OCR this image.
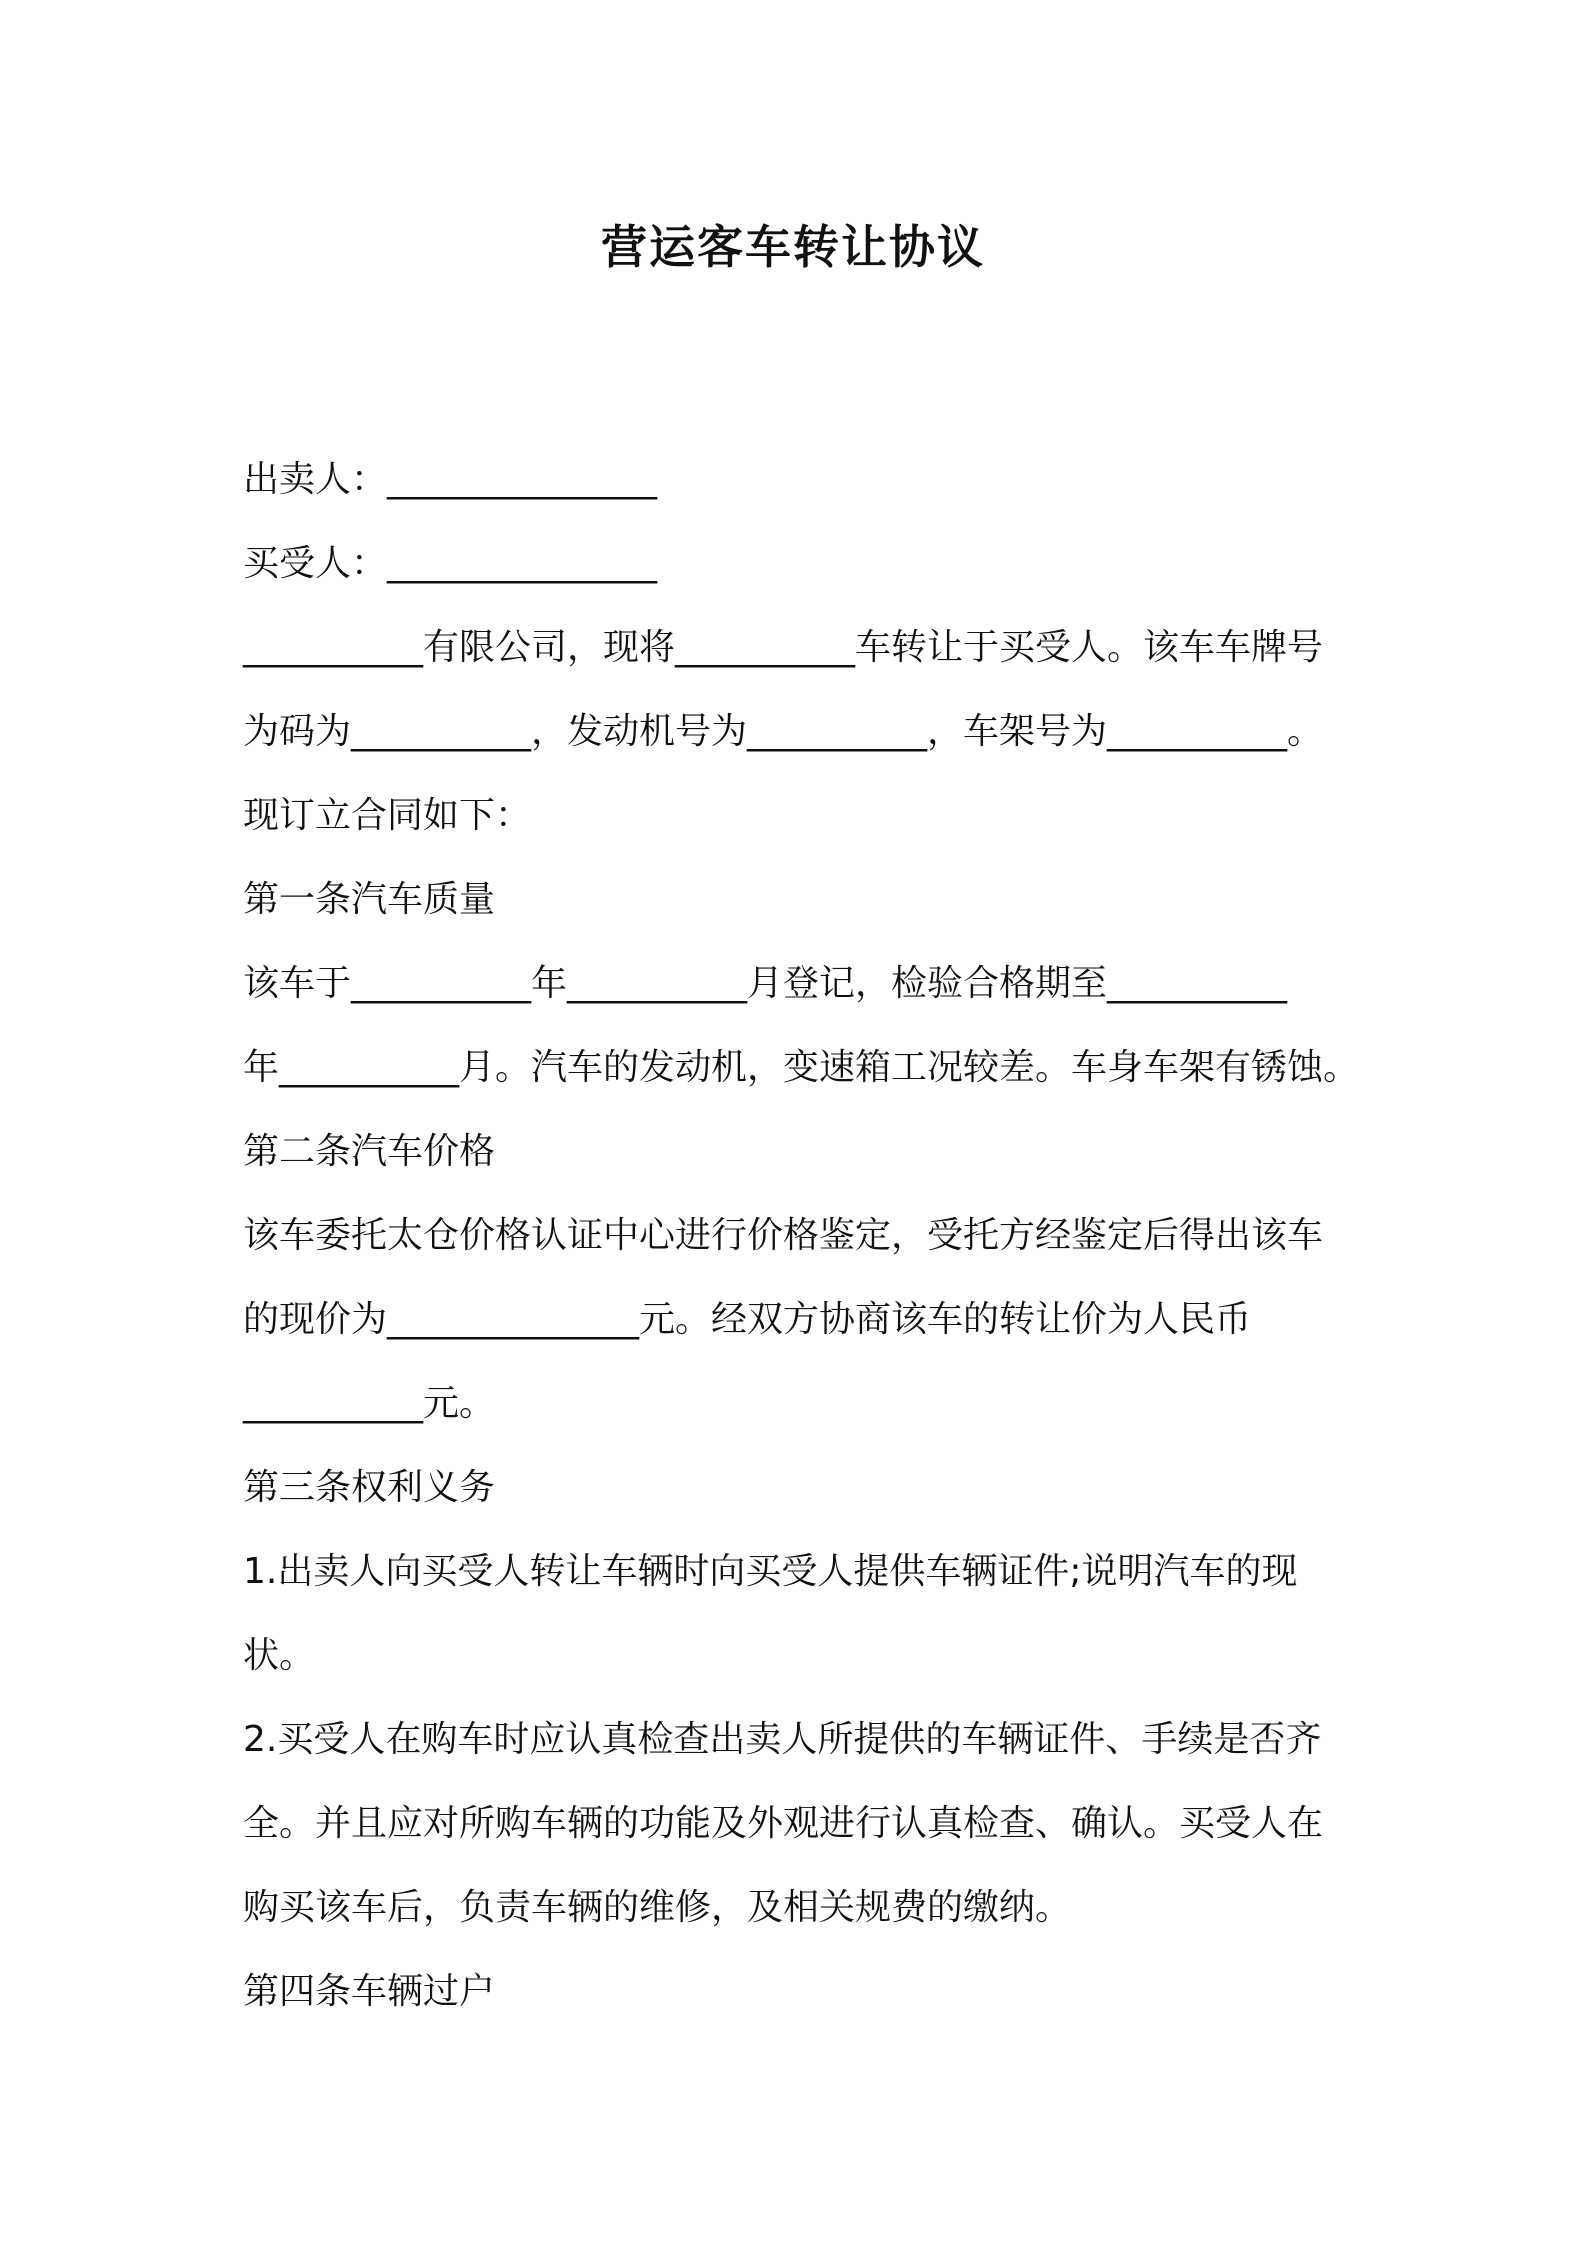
营运客车转让协议

出卖人：_______________

买受人：_______________

__________有限公司，现将__________车转让于买受人。该车车牌号

为码为__________，发动机号为__________，车架号为__________。

现订立合同如下：

第一条汽车质量

该车于__________年__________月登记，检验合格期至__________

年__________月。汽车的发动机，变速箱工况较差。车身车架有锈蚀。

第二条汽车价格

该车委托太仓价格认证中心进行价格鉴定，受托方经鉴定后得出该车

的现价为______________元。经双方协商该车的转让价为人民币

__________元。

第三条权利义务

1.出卖人向买受人转让车辆时向买受人提供车辆证件;说明汽车的现

状。

2.买受人在购车时应认真检查出卖人所提供的车辆证件、手续是否齐

全。并且应对所购车辆的功能及外观进行认真检查、确认。买受人在

购买该车后，负责车辆的维修，及相关规费的缴纳。

第四条车辆过户
